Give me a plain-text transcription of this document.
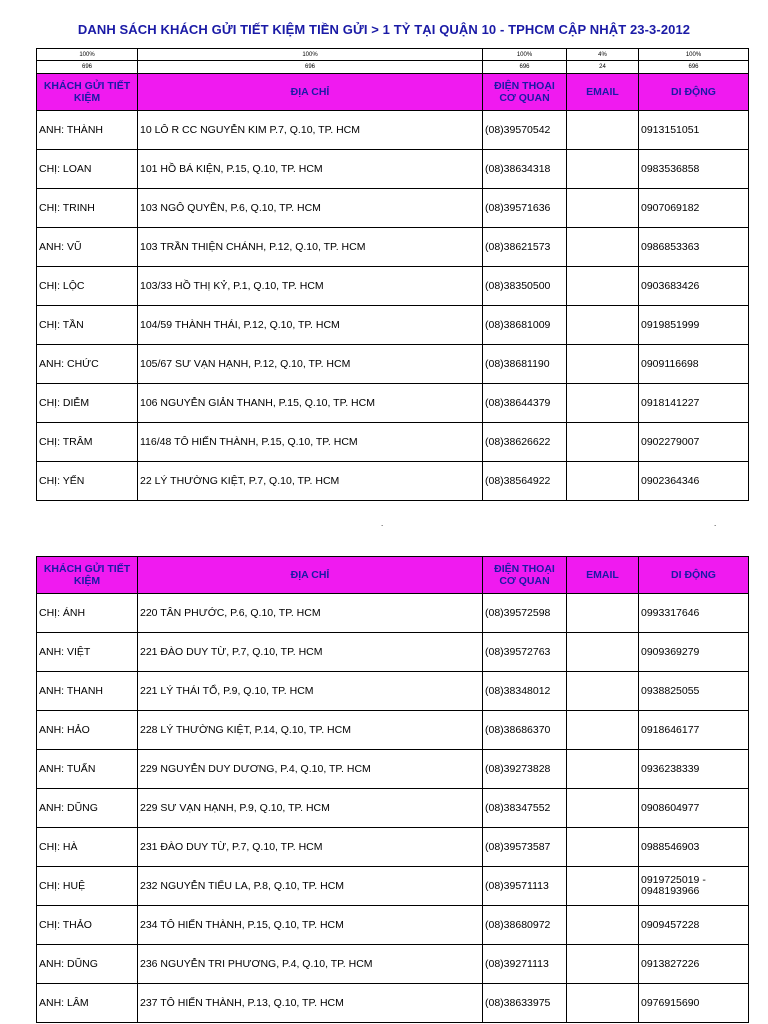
DANH SÁCH KHÁCH GỬI TIẾT KIỆM TIỀN GỬI > 1 TỶ TẠI QUẬN 10 - TPHCM CẬP NHẬT 23-3-2012
100%	100%	100%	4%	100%
696	696	696	24	696
KHÁCH GỬI TIẾT KIỆM	ĐỊA CHỈ	ĐIỆN THOẠI CƠ QUAN	EMAIL	DI ĐỘNG
ANH: THÀNH	10 LÔ R CC NGUYỄN KIM P.7, Q.10, TP. HCM	(08)39570542		0913151051
CHỊ: LOAN	101 HỒ BÁ KIỆN, P.15, Q.10, TP. HCM	(08)38634318		0983536858
CHỊ: TRINH	103 NGÔ QUYỀN, P.6, Q.10, TP. HCM	(08)39571636		0907069182
ANH: VŨ	103 TRẦN THIỆN CHÁNH, P.12, Q.10, TP. HCM	(08)38621573		0986853363
CHỊ: LỘC	103/33 HỒ THỊ KỶ, P.1, Q.10, TP. HCM	(08)38350500		0903683426
CHỊ: TẦN	104/59 THÀNH THÁI, P.12, Q.10, TP. HCM	(08)38681009		0919851999
ANH: CHỨC	105/67 SƯ VẠN HẠNH, P.12, Q.10, TP. HCM	(08)38681190		0909116698
CHỊ: DIỄM	106 NGUYỄN GIẢN THANH, P.15, Q.10, TP. HCM	(08)38644379		0918141227
CHỊ: TRÂM	116/48 TÔ HIẾN THÀNH, P.15, Q.10, TP. HCM	(08)38626622		0902279007
CHỊ: YẾN	22 LÝ THƯỜNG KIỆT, P.7, Q.10, TP. HCM	(08)38564922		0902364346
.	.
KHÁCH GỬI TIẾT KIỆM	ĐỊA CHỈ	ĐIỆN THOẠI CƠ QUAN	EMAIL	DI ĐỘNG
CHỊ: ÁNH	220 TÂN PHƯỚC, P.6, Q.10, TP. HCM	(08)39572598		0993317646
ANH: VIỆT	221 ĐÀO DUY TỪ, P.7, Q.10, TP. HCM	(08)39572763		0909369279
ANH: THANH	221 LÝ THÁI TỔ, P.9, Q.10, TP. HCM	(08)38348012		0938825055
ANH: HẢO	228 LÝ THƯỜNG KIỆT, P.14, Q.10, TP. HCM	(08)38686370		0918646177
ANH: TUẤN	229 NGUYỄN DUY DƯƠNG, P.4, Q.10, TP. HCM	(08)39273828		0936238339
ANH: DŨNG	229 SƯ VẠN HẠNH, P.9, Q.10, TP. HCM	(08)38347552		0908604977
CHỊ: HÀ	231 ĐÀO DUY TỪ, P.7, Q.10, TP. HCM	(08)39573587		0988546903
CHỊ: HUỆ	232 NGUYỄN TIỂU LA, P.8, Q.10, TP. HCM	(08)39571113		0919725019 - 0948193966
CHỊ: THẢO	234 TÔ HIẾN THÀNH, P.15, Q.10, TP. HCM	(08)38680972		0909457228
ANH: DŨNG	236 NGUYỄN TRI PHƯƠNG, P.4, Q.10, TP. HCM	(08)39271113		0913827226
ANH: LÂM	237 TÔ HIẾN THÀNH, P.13, Q.10, TP. HCM	(08)38633975		0976915690
